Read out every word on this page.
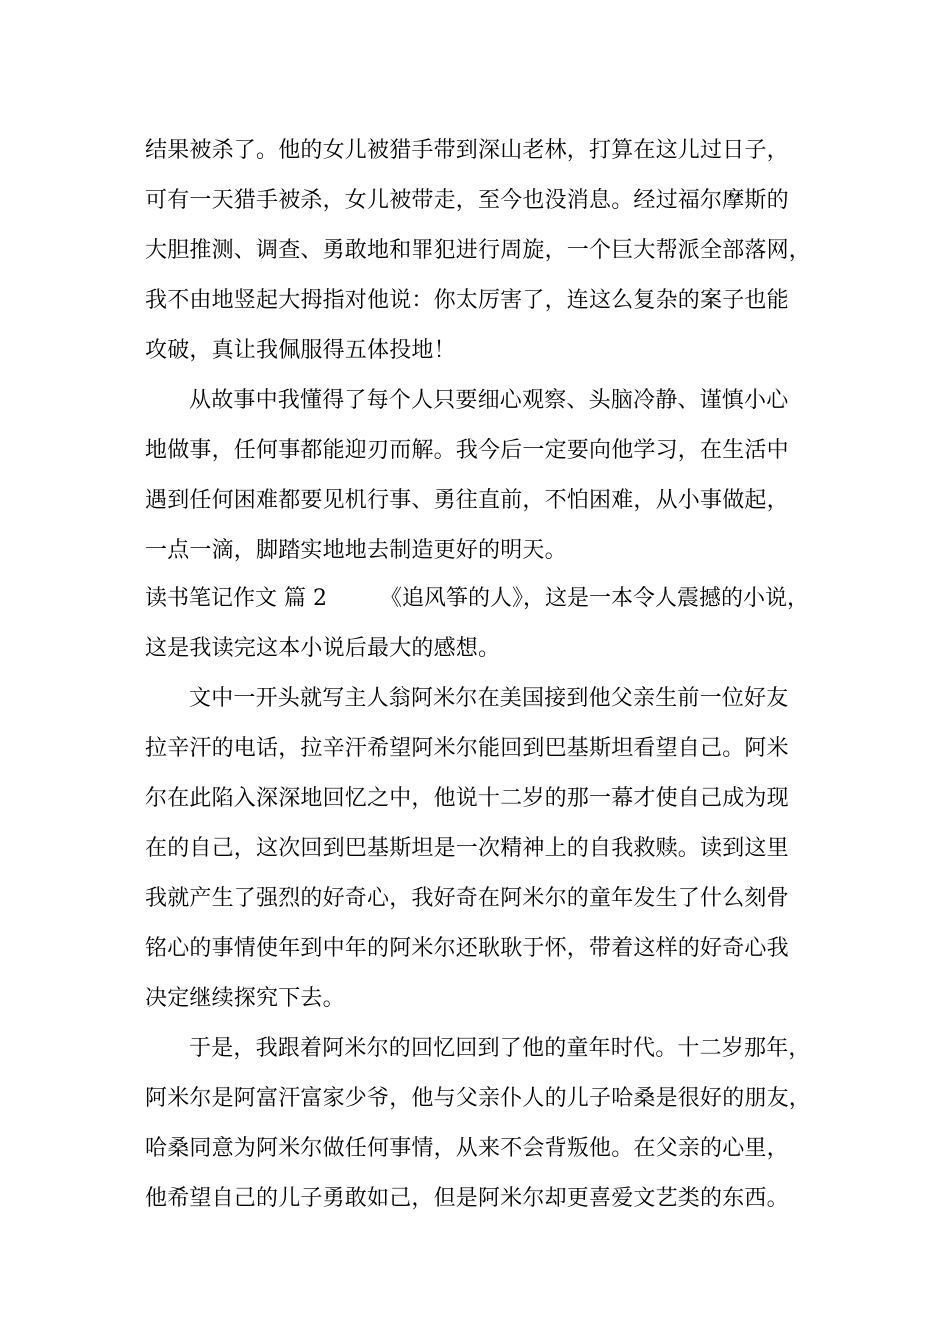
结果被杀了。他的女儿被猎手带到深山老林，打算在这儿过日子，
可有一天猎手被杀，女儿被带走，至今也没消息。经过福尔摩斯的
大胆推测、调查、勇敢地和罪犯进行周旋，一个巨大帮派全部落网，
我不由地竖起大拇指对他说：你太厉害了，连这么复杂的案子也能
攻破，真让我佩服得五体投地！
从故事中我懂得了每个人只要细心观察、头脑冷静、谨慎小心
地做事，任何事都能迎刃而解。我今后一定要向他学习，在生活中
遇到任何困难都要见机行事、勇往直前，不怕困难，从小事做起，
一点一滴，脚踏实地地去制造更好的明天。
读书笔记作文 篇 2 《追风筝的人》，这是一本令人震撼的小说，
这是我读完这本小说后最大的感想。
文中一开头就写主人翁阿米尔在美国接到他父亲生前一位好友
拉辛汗的电话，拉辛汗希望阿米尔能回到巴基斯坦看望自己。阿米
尔在此陷入深深地回忆之中，他说十二岁的那一幕才使自己成为现
在的自己，这次回到巴基斯坦是一次精神上的自我救赎。读到这里
我就产生了强烈的好奇心，我好奇在阿米尔的童年发生了什么刻骨
铭心的事情使年到中年的阿米尔还耿耿于怀，带着这样的好奇心我
决定继续探究下去。
于是，我跟着阿米尔的回忆回到了他的童年时代。十二岁那年，
阿米尔是阿富汗富家少爷，他与父亲仆人的儿子哈桑是很好的朋友，
哈桑同意为阿米尔做任何事情，从来不会背叛他。在父亲的心里，
他希望自己的儿子勇敢如己，但是阿米尔却更喜爱文艺类的东西。
